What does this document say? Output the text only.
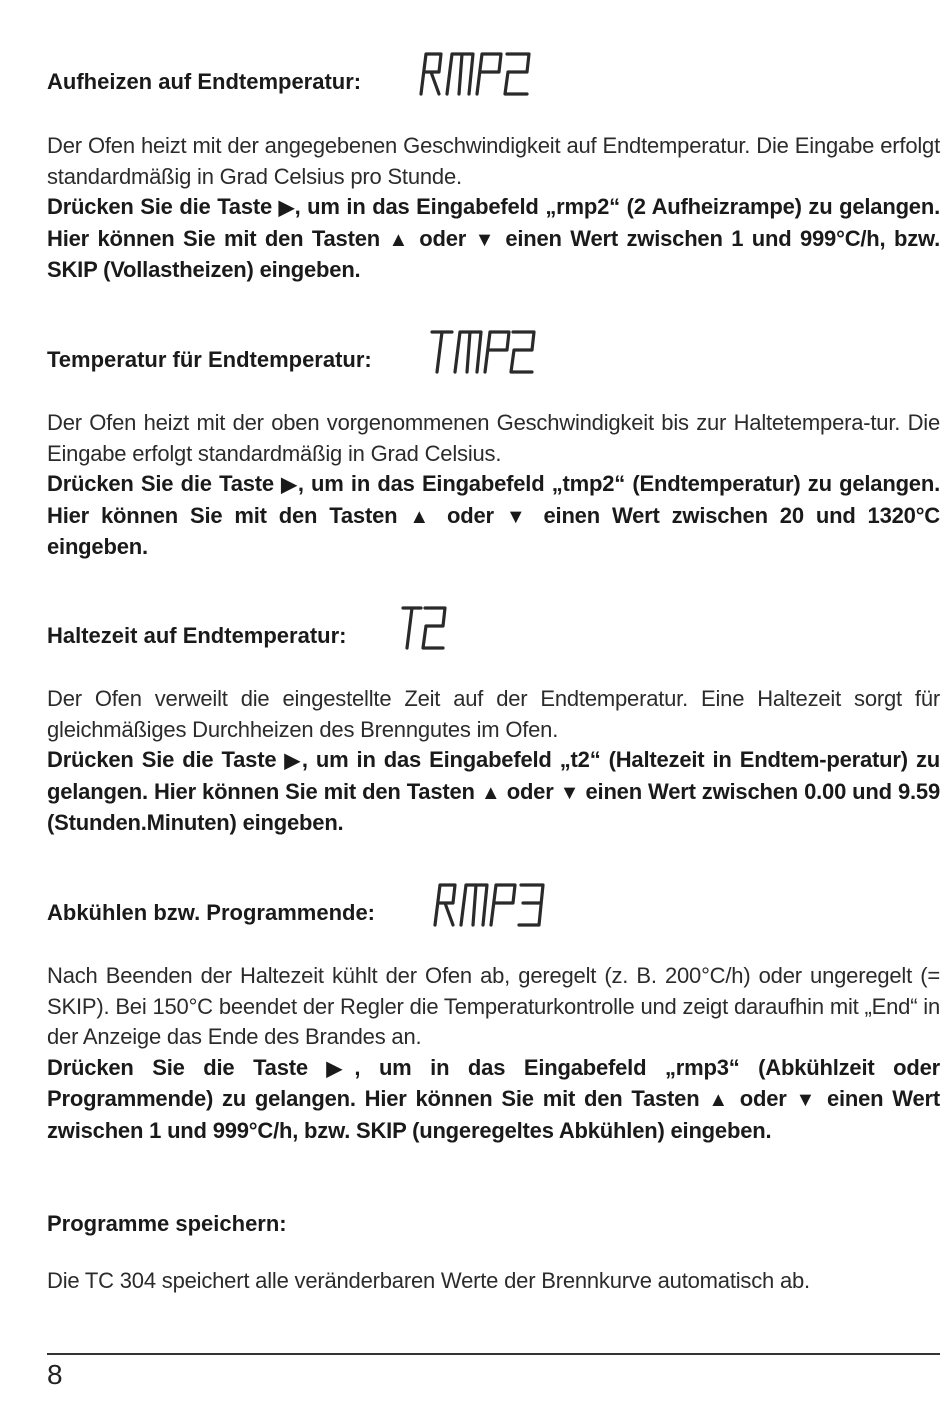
Aufheizen auf Endtemperatur:

Der Ofen heizt mit der angegebenen Geschwindigkeit auf Endtemperatur. Die Eingabe erfolgt standardmäßig in Grad Celsius pro Stunde.

Drücken Sie die Taste ▶, um in das Eingabefeld „rmp2“ (2 Aufheizrampe) zu gelangen. Hier können Sie mit den Tasten ▲ oder ▼ einen Wert zwischen 1 und 999°C/h, bzw. SKIP (Vollastheizen) eingeben.

Temperatur für Endtemperatur:

Der Ofen heizt mit der oben vorgenommenen Geschwindigkeit bis zur Haltetempera-tur. Die Eingabe erfolgt standardmäßig in Grad Celsius.

Drücken Sie die Taste ▶, um in das Eingabefeld „tmp2“ (Endtemperatur) zu gelangen. Hier können Sie mit den Tasten ▲ oder ▼ einen Wert zwischen 20 und 1320°C eingeben.

Haltezeit auf Endtemperatur:

Der Ofen verweilt die eingestellte Zeit auf der Endtemperatur. Eine Haltezeit sorgt für gleichmäßiges Durchheizen des Brenngutes im Ofen.

Drücken Sie die Taste ▶, um in das Eingabefeld „t2“ (Haltezeit in Endtem-peratur) zu gelangen. Hier können Sie mit den Tasten ▲ oder ▼ einen Wert zwischen 0.00 und 9.59 (Stunden.Minuten) eingeben.

Abkühlen bzw. Programmende:

Nach Beenden der Haltezeit kühlt der Ofen ab, geregelt (z. B. 200°C/h) oder ungeregelt (= SKIP). Bei 150°C beendet der Regler die Temperaturkontrolle und zeigt daraufhin mit „End“ in der Anzeige das Ende des Brandes an.

Drücken Sie die Taste ▶, um in das Eingabefeld „rmp3“ (Abkühlzeit oder Programmende) zu gelangen. Hier können Sie mit den Tasten ▲ oder ▼ einen Wert zwischen 1 und 999°C/h, bzw. SKIP (ungeregeltes Abkühlen) eingeben.

Programme speichern:

Die TC 304 speichert alle veränderbaren Werte der Brennkurve automatisch ab.

8
